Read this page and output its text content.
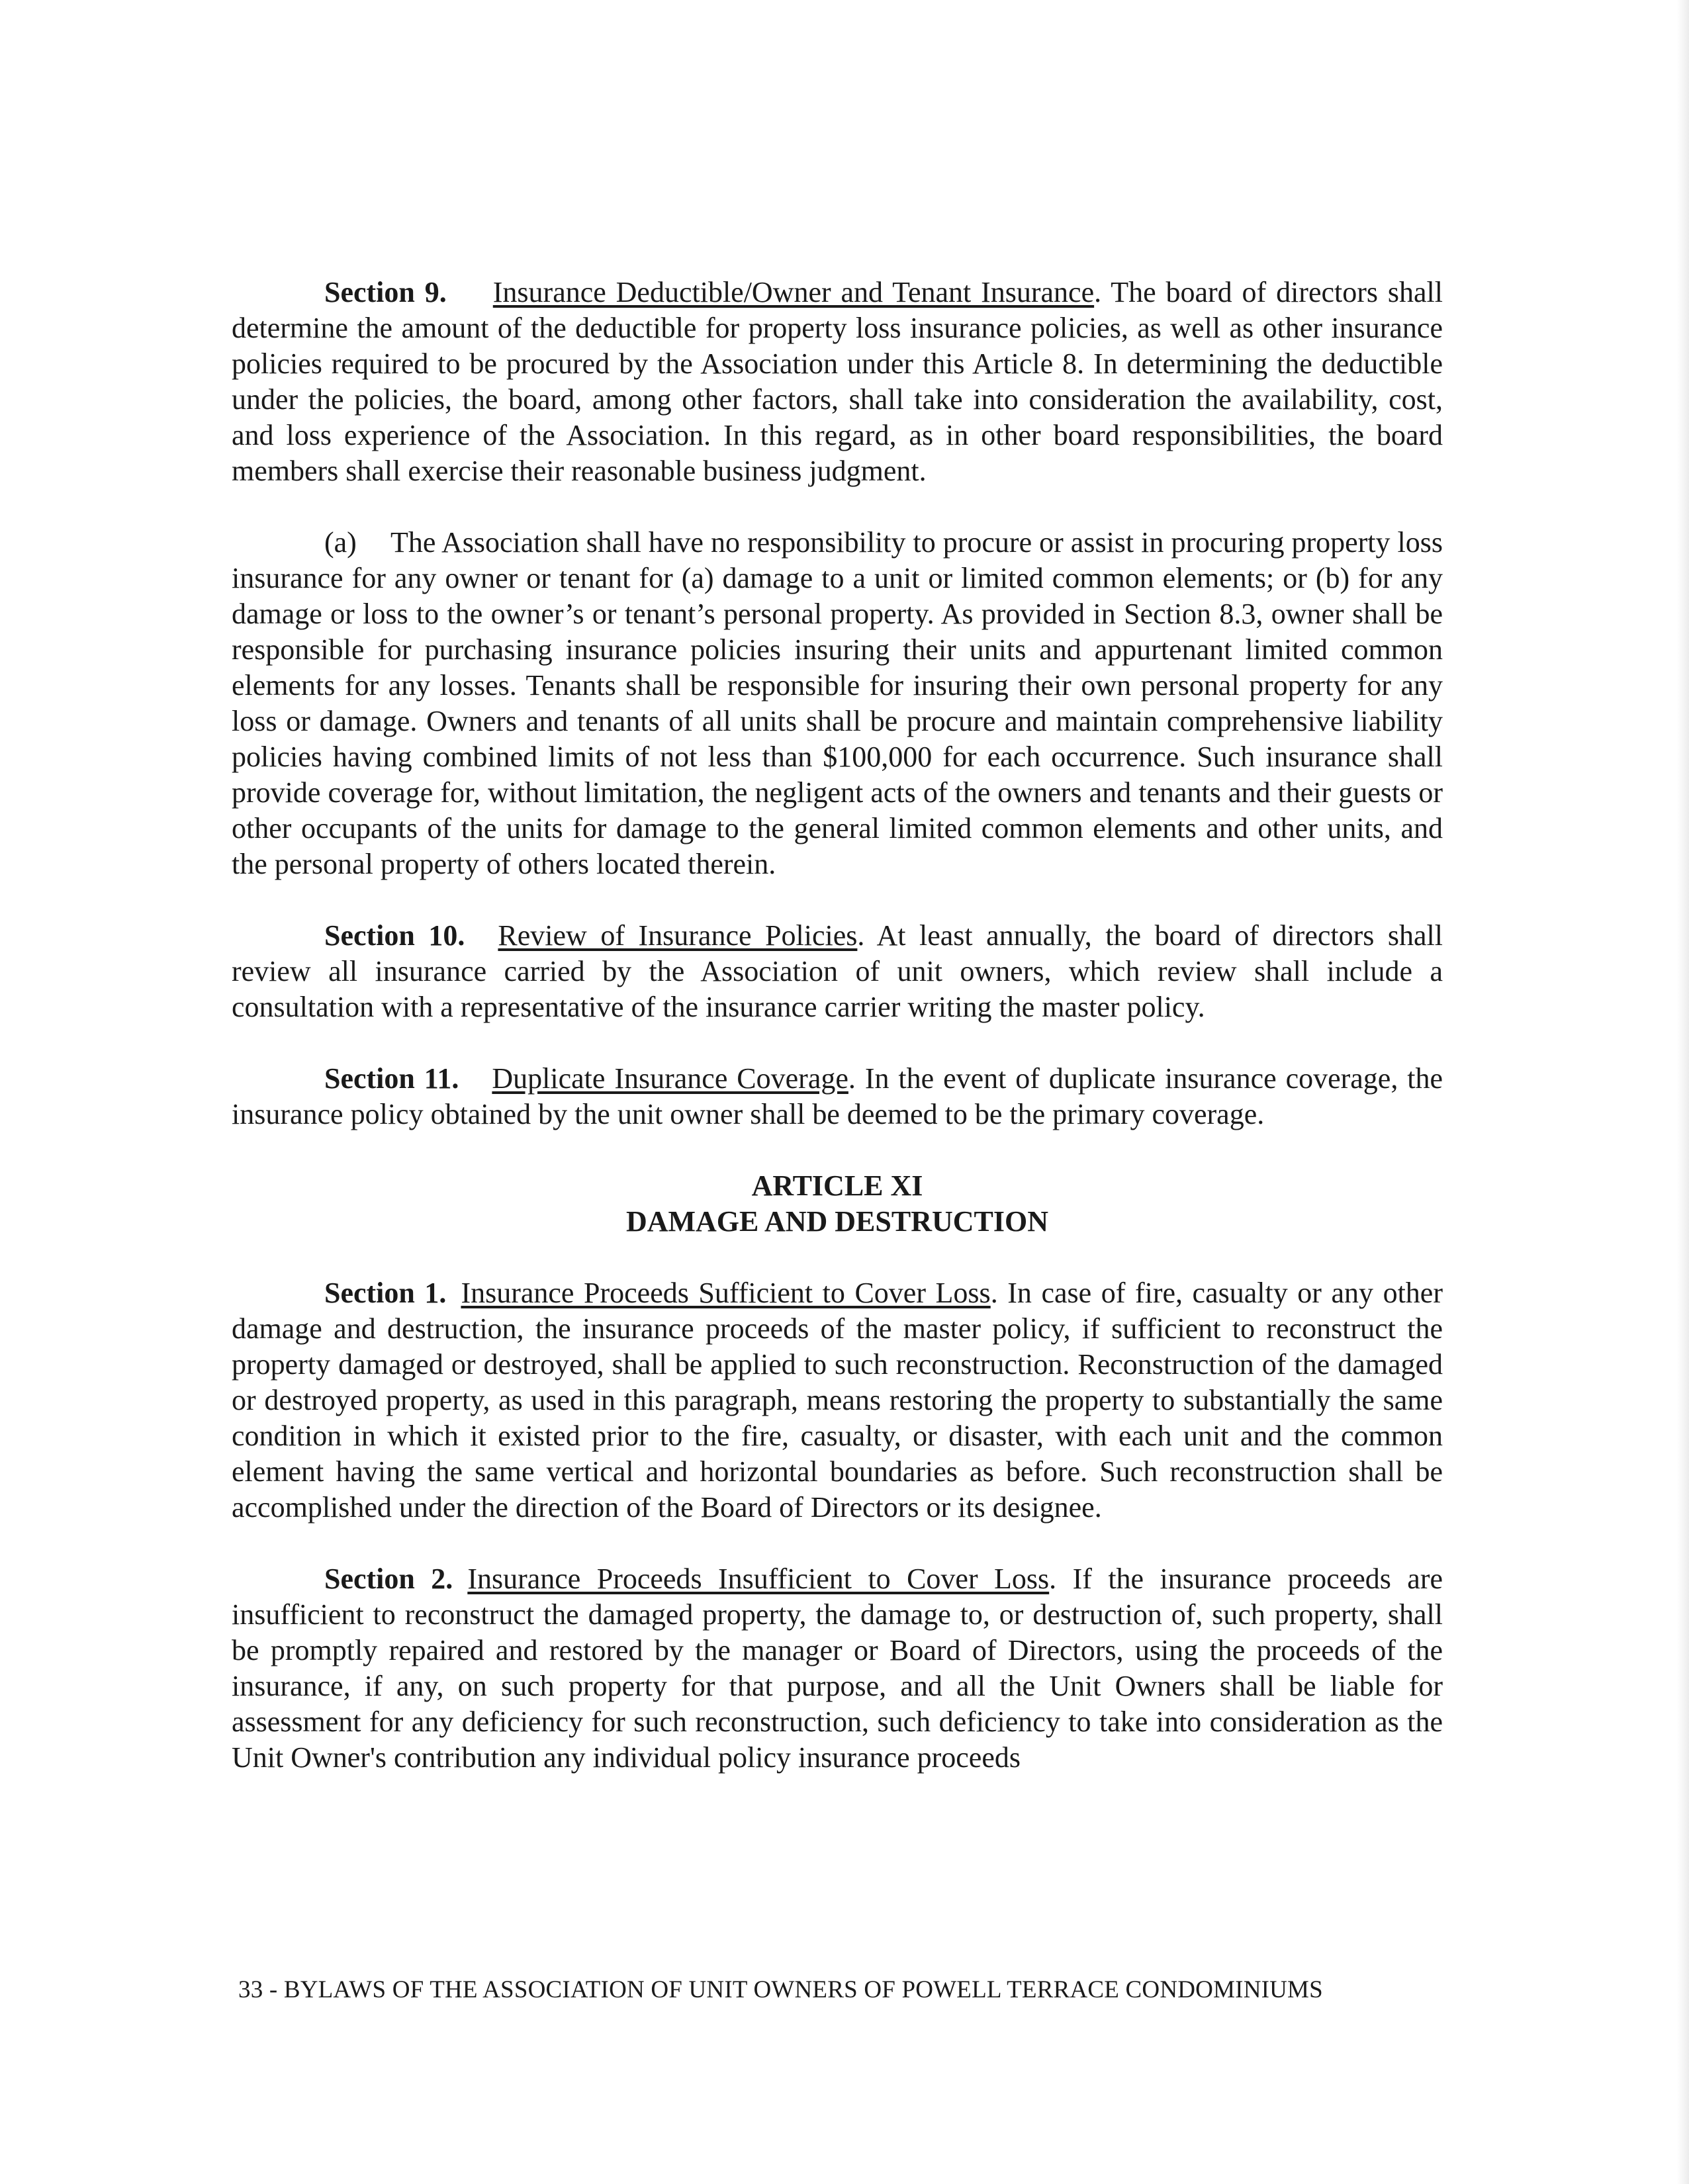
Section 9. Insurance Deductible/Owner and Tenant Insurance. The board of directors shall determine the amount of the deductible for property loss insurance policies, as well as other insurance policies required to be procured by the Association under this Article 8. In determining the deductible under the policies, the board, among other factors, shall take into consideration the availability, cost, and loss experience of the Association. In this regard, as in other board responsibilities, the board members shall exercise their reasonable business judgment.

(a) The Association shall have no responsibility to procure or assist in procuring property loss insurance for any owner or tenant for (a) damage to a unit or limited common elements; or (b) for any damage or loss to the owner’s or tenant’s personal property. As provided in Section 8.3, owner shall be responsible for purchasing insurance policies insuring their units and appurtenant limited common elements for any losses. Tenants shall be responsible for insuring their own personal property for any loss or damage. Owners and tenants of all units shall be procure and maintain comprehensive liability policies having combined limits of not less than $100,000 for each occurrence. Such insurance shall provide coverage for, without limitation, the negligent acts of the owners and tenants and their guests or other occupants of the units for damage to the general limited common elements and other units, and the personal property of others located therein.

Section 10. Review of Insurance Policies. At least annually, the board of directors shall review all insurance carried by the Association of unit owners, which review shall include a consultation with a representative of the insurance carrier writing the master policy.

Section 11. Duplicate Insurance Coverage. In the event of duplicate insurance coverage, the insurance policy obtained by the unit owner shall be deemed to be the primary coverage.

ARTICLE XI
DAMAGE AND DESTRUCTION

Section 1. Insurance Proceeds Sufficient to Cover Loss. In case of fire, casualty or any other damage and destruction, the insurance proceeds of the master policy, if sufficient to reconstruct the property damaged or destroyed, shall be applied to such reconstruction. Reconstruction of the damaged or destroyed property, as used in this paragraph, means restoring the property to substantially the same condition in which it existed prior to the fire, casualty, or disaster, with each unit and the common element having the same vertical and horizontal boundaries as before. Such reconstruction shall be accomplished under the direction of the Board of Directors or its designee.

Section 2. Insurance Proceeds Insufficient to Cover Loss. If the insurance proceeds are insufficient to reconstruct the damaged property, the damage to, or destruction of, such property, shall be promptly repaired and restored by the manager or Board of Directors, using the proceeds of the insurance, if any, on such property for that purpose, and all the Unit Owners shall be liable for assessment for any deficiency for such reconstruction, such deficiency to take into consideration as the Unit Owner's contribution any individual policy insurance proceeds

33 - BYLAWS OF THE ASSOCIATION OF UNIT OWNERS OF POWELL TERRACE CONDOMINIUMS
